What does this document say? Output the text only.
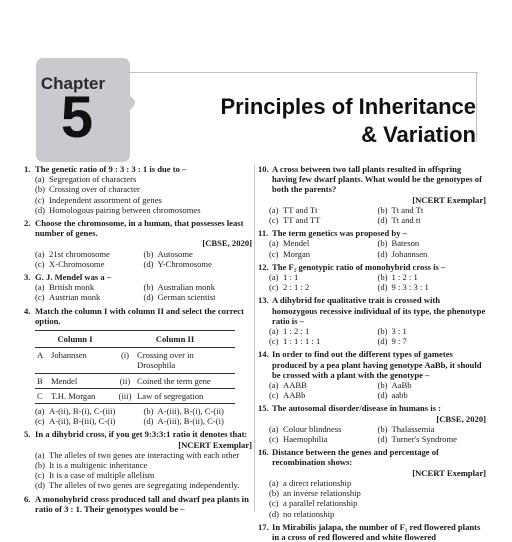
Chapter
5	Principles of Inheritance
& Variation
1. The genetic ratio of 9 : 3 : 3 : 1 is due to –
(a) Segregation of characters
(b) Crossing over of character
(c) Independent assortment of genes
(d) Homologous pairing between chromosomes
2. Choose the chromosome, in a human, that possesses least number of genes.
[CBSE, 2020]
(a) 21st chromosome	(b) Autosome
(c) X-Chromosome	(d) Y-Chromosome
3. G. J. Mendel was a –
(a) British monk	(b) Australian monk
(c) Austrian monk	(d) German scientist
4. Match the column I with column II and select the correct option.
Column I		Column II	
A	Johannsen	(i)	Crossing over in Drosophila
B	Mendel	(ii)	Coined the term gene
C	T.H. Morgan	(iii)	Law of segregation
(a) A-(ii), B-(i), C-(iii)	(b) A-(iii), B-(i), C-(ii)
(c) A-(ii), B-(iii), C-(i)	(d) A-(iii), B-(ii), C-(i)
5. In a dihybrid cross, if you get 9:3:3:1 ratio it denotes that:
[NCERT Exemplar]
(a) The alleles of two genes are interacting with each other
(b) It is a multigenic inheritance
(c) It is a case of multiple allelism
(d) The alleles of two genes are segregating independently.
6. A monohybrid cross produced tall and dwarf pea plants in ratio of 3 : 1. Their genotypes would be –
10. A cross between two tall plants resulted in offspring having few dwarf plants. What would be the genotypes of both the parents?
[NCERT Exemplar]
(a) TT and Tt	(b) Tt and Tt
(c) TT and TT	(d) Tt and tt
11. The term genetics was proposed by –
(a) Mendel	(b) Bateson
(c) Morgan	(d) Johannsen
12. The F₂ genotypic ratio of monohybrid cross is –
(a) 1 : 1	(b) 1 : 2 : 1
(c) 2 : 1 : 2	(d) 9 : 3 : 3 : 1
13. A dihybrid for qualitative trait is crossed with homozygous recessive individual of its type, the phenotype ratio is –
(a) 1 : 2 : 1	(b) 3 : 1
(c) 1 : 1 : 1 : 1	(d) 9 : 7
14. In order to find out the different types of gametes produced by a pea plant having genotype AaBb, it should be crossed with a plant with the genotype –
(a) AABB	(b) AaBb
(c) AABb	(d) aabb
15. The autosomal disorder/disease in humans is :
[CBSE, 2020]
(a) Colour blindness	(b) Thalassemia
(c) Haemophilia	(d) Turner's Syndrome
16. Distance between the genes and percentage of recombination shows:
[NCERT Exemplar]
(a) a direct relationship
(b) an inverse relationship
(c) a parallel relationship
(d) no relationship
17. In Mirabilis jalapa, the number of F₂ red flowered plants in a cross of red flowered and white flowered
